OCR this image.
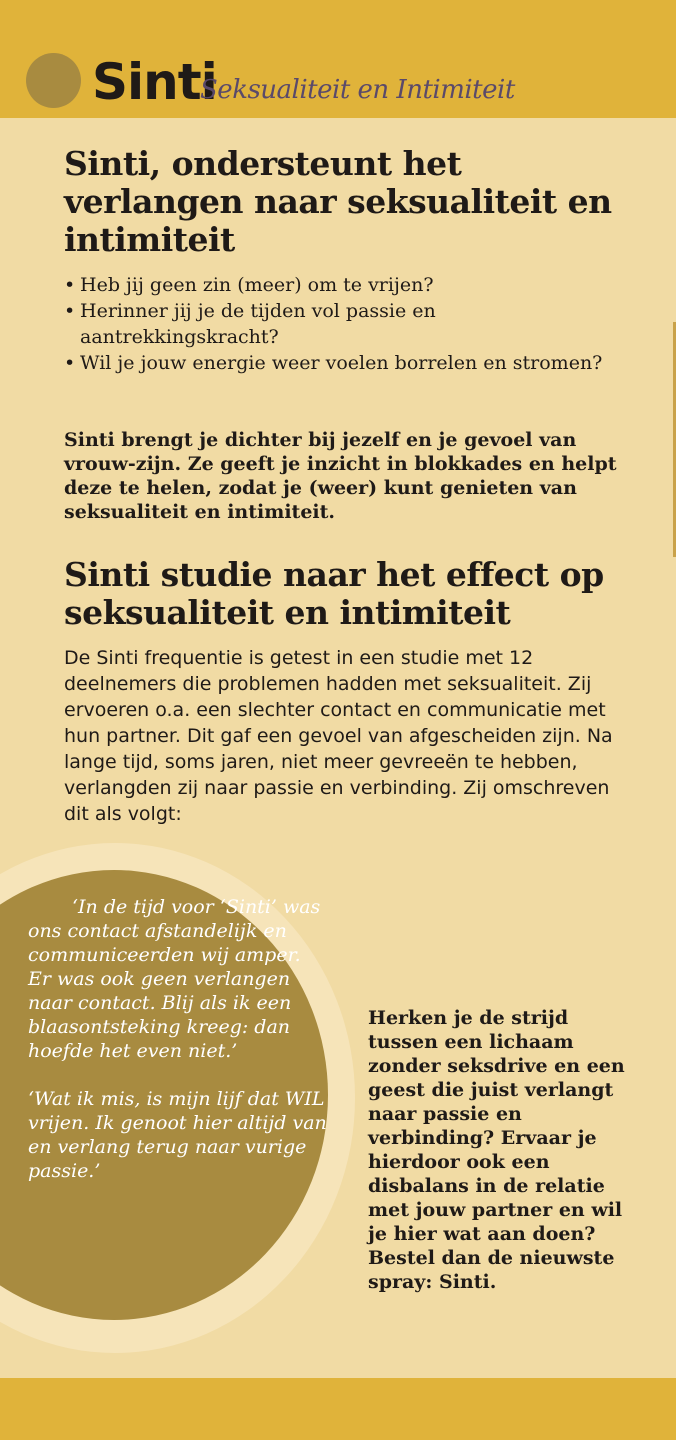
Sinti
Seksualiteit en Intimiteit
Sinti, ondersteunt het verlangen naar seksualiteit en intimiteit
• Heb jij geen zin (meer) om te vrijen?
• Herinner jij je de tijden vol passie en aantrekkingskracht?
• Wil je jouw energie weer voelen borrelen en stromen?
Sinti brengt je dichter bij jezelf en je gevoel van vrouw-zijn. Ze geeft je inzicht in blokkades en helpt deze te helen, zodat je (weer) kunt genieten van seksualiteit en intimiteit.
Sinti studie naar het effect op seksualiteit en intimiteit
De Sinti frequentie is getest in een studie met 12 deelnemers die problemen hadden met seksualiteit. Zij ervoeren o.a. een slechter contact en communicatie met hun partner. Dit gaf een gevoel van afgescheiden zijn. Na lange tijd, soms jaren, niet meer gevreeën te hebben, verlangden zij naar passie en verbinding. Zij omschreven dit als volgt:

‘In de tijd voor ‘Sinti’ was ons contact afstandelijk en communiceerden wij amper. Er was ook geen verlangen naar contact. Blij als ik een blaasontsteking kreeg: dan hoefde het even niet.’

‘Wat ik mis, is mijn lijf dat WIL vrijen. Ik genoot hier altijd van en verlang terug naar vurige passie.’

Herken je de strijd tussen een lichaam zonder seksdrive en een geest die juist verlangt naar passie en verbinding? Ervaar je hierdoor ook een disbalans in de relatie met jouw partner en wil je hier wat aan doen? Bestel dan de nieuwste spray: Sinti.
